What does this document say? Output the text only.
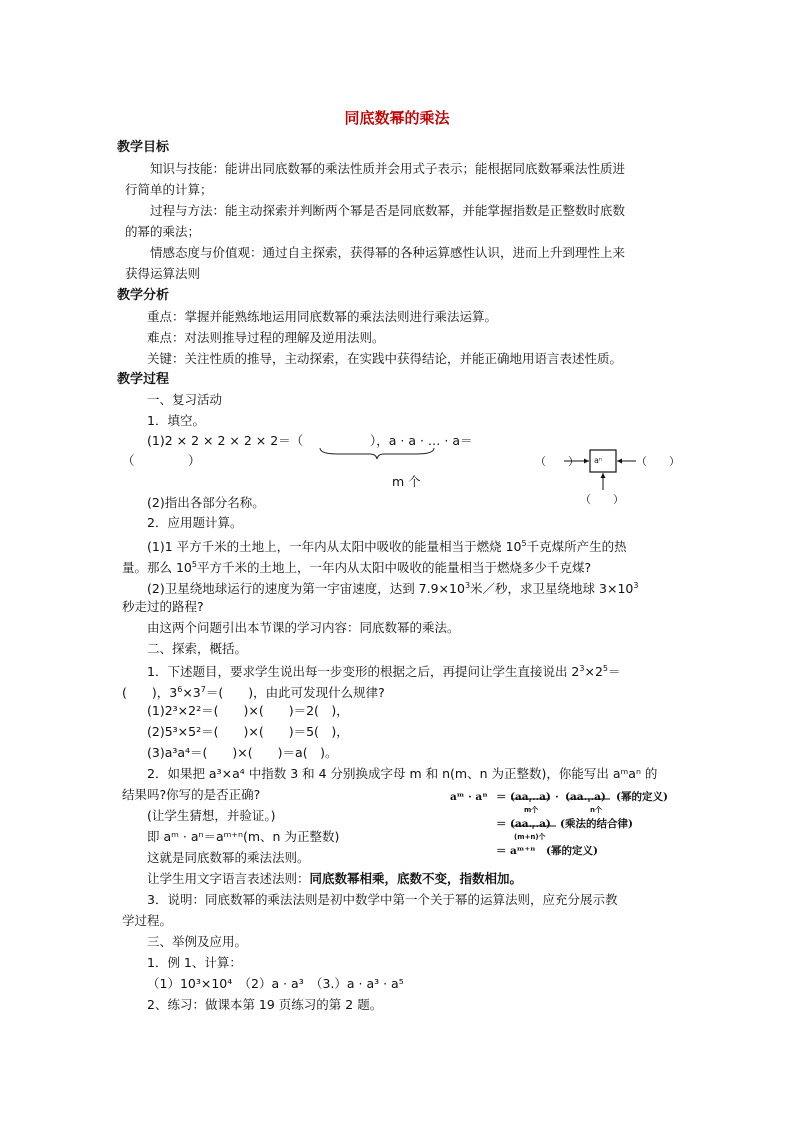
同底数幂的乘法
教学目标
知识与技能：能讲出同底数幂的乘法性质并会用式子表示；能根据同底数幂乘法性质进
行简单的计算；
过程与方法：能主动探索并判断两个幂是否是同底数幂，并能掌握指数是正整数时底数
的幂的乘法；
情感态度与价值观：通过自主探索，获得幂的各种运算感性认识，进而上升到理性上来
获得运算法则
教学分析
重点：掌握并能熟练地运用同底数幂的乘法法则进行乘法运算。
难点：对法则推导过程的理解及逆用法则。
关键：关注性质的推导，主动探索，在实践中获得结论，并能正确地用语言表述性质。
教学过程
一、复习活动
1．填空。
(1)2 × 2 × 2 × 2 × 2＝（	），a · a · … · a＝
（	）
m 个
（　　）	（　　）
（　　）
aⁿ
(2)指出各部分名称。
2．应用题计算。
(1)1 平方千米的土地上，一年内从太阳中吸收的能量相当于燃烧 $10^5$千克煤所产生的热
量。那么 $10^5$平方千米的土地上，一年内从太阳中吸收的能量相当于燃烧多少千克煤?
(2)卫星绕地球运行的速度为第一宇宙速度，达到 $7.9\times 10^3$米／秒，求卫星绕地球 $3\times 10^3$
秒走过的路程?
由这两个问题引出本节课的学习内容：同底数幂的乘法。
二、探索，概括。
1．下述题目，要求学生说出每一步变形的根据之后，再提问让学生直接说出 $2^3\times 2^5=$
(　　)，$3^6\times 3^7=$(　　)，由此可发现什么规律?
(1)2³×2²＝(　　)×(　　)＝2(　)，
(2)5³×5²＝(　　)×(　　)＝5(　)，
(3)a³a⁴＝(　　)×(　　)＝a(　)。
2．如果把 a³×a⁴ 中指数 3 和 4 分别换成字母 m 和 n(m、n 为正整数)，你能写出 aᵐaⁿ 的
结果吗?你写的是否正确?
(让学生猜想，并验证。)
即 aᵐ · aⁿ＝aᵐ⁺ⁿ(m、n 为正整数)
这就是同底数幂的乘法法则。
aᵐ · aⁿ ＝ (aa…a) · (aa…a) (幂的定义)
m个	n个
＝ (aa…a) (乘法的结合律)
(m+n)个
＝ aᵐ⁺ⁿ (幂的定义)
让学生用文字语言表述法则：同底数幂相乘，底数不变，指数相加。
3．说明：同底数幂的乘法法则是初中数学中第一个关于幂的运算法则，应充分展示教
学过程。
三、举例及应用。
1．例 1、计算：
（1）10³×10⁴　（2）a · a³　（3.）a · a³ · a⁵
2、练习：做课本第 19 页练习的第 2 题。
